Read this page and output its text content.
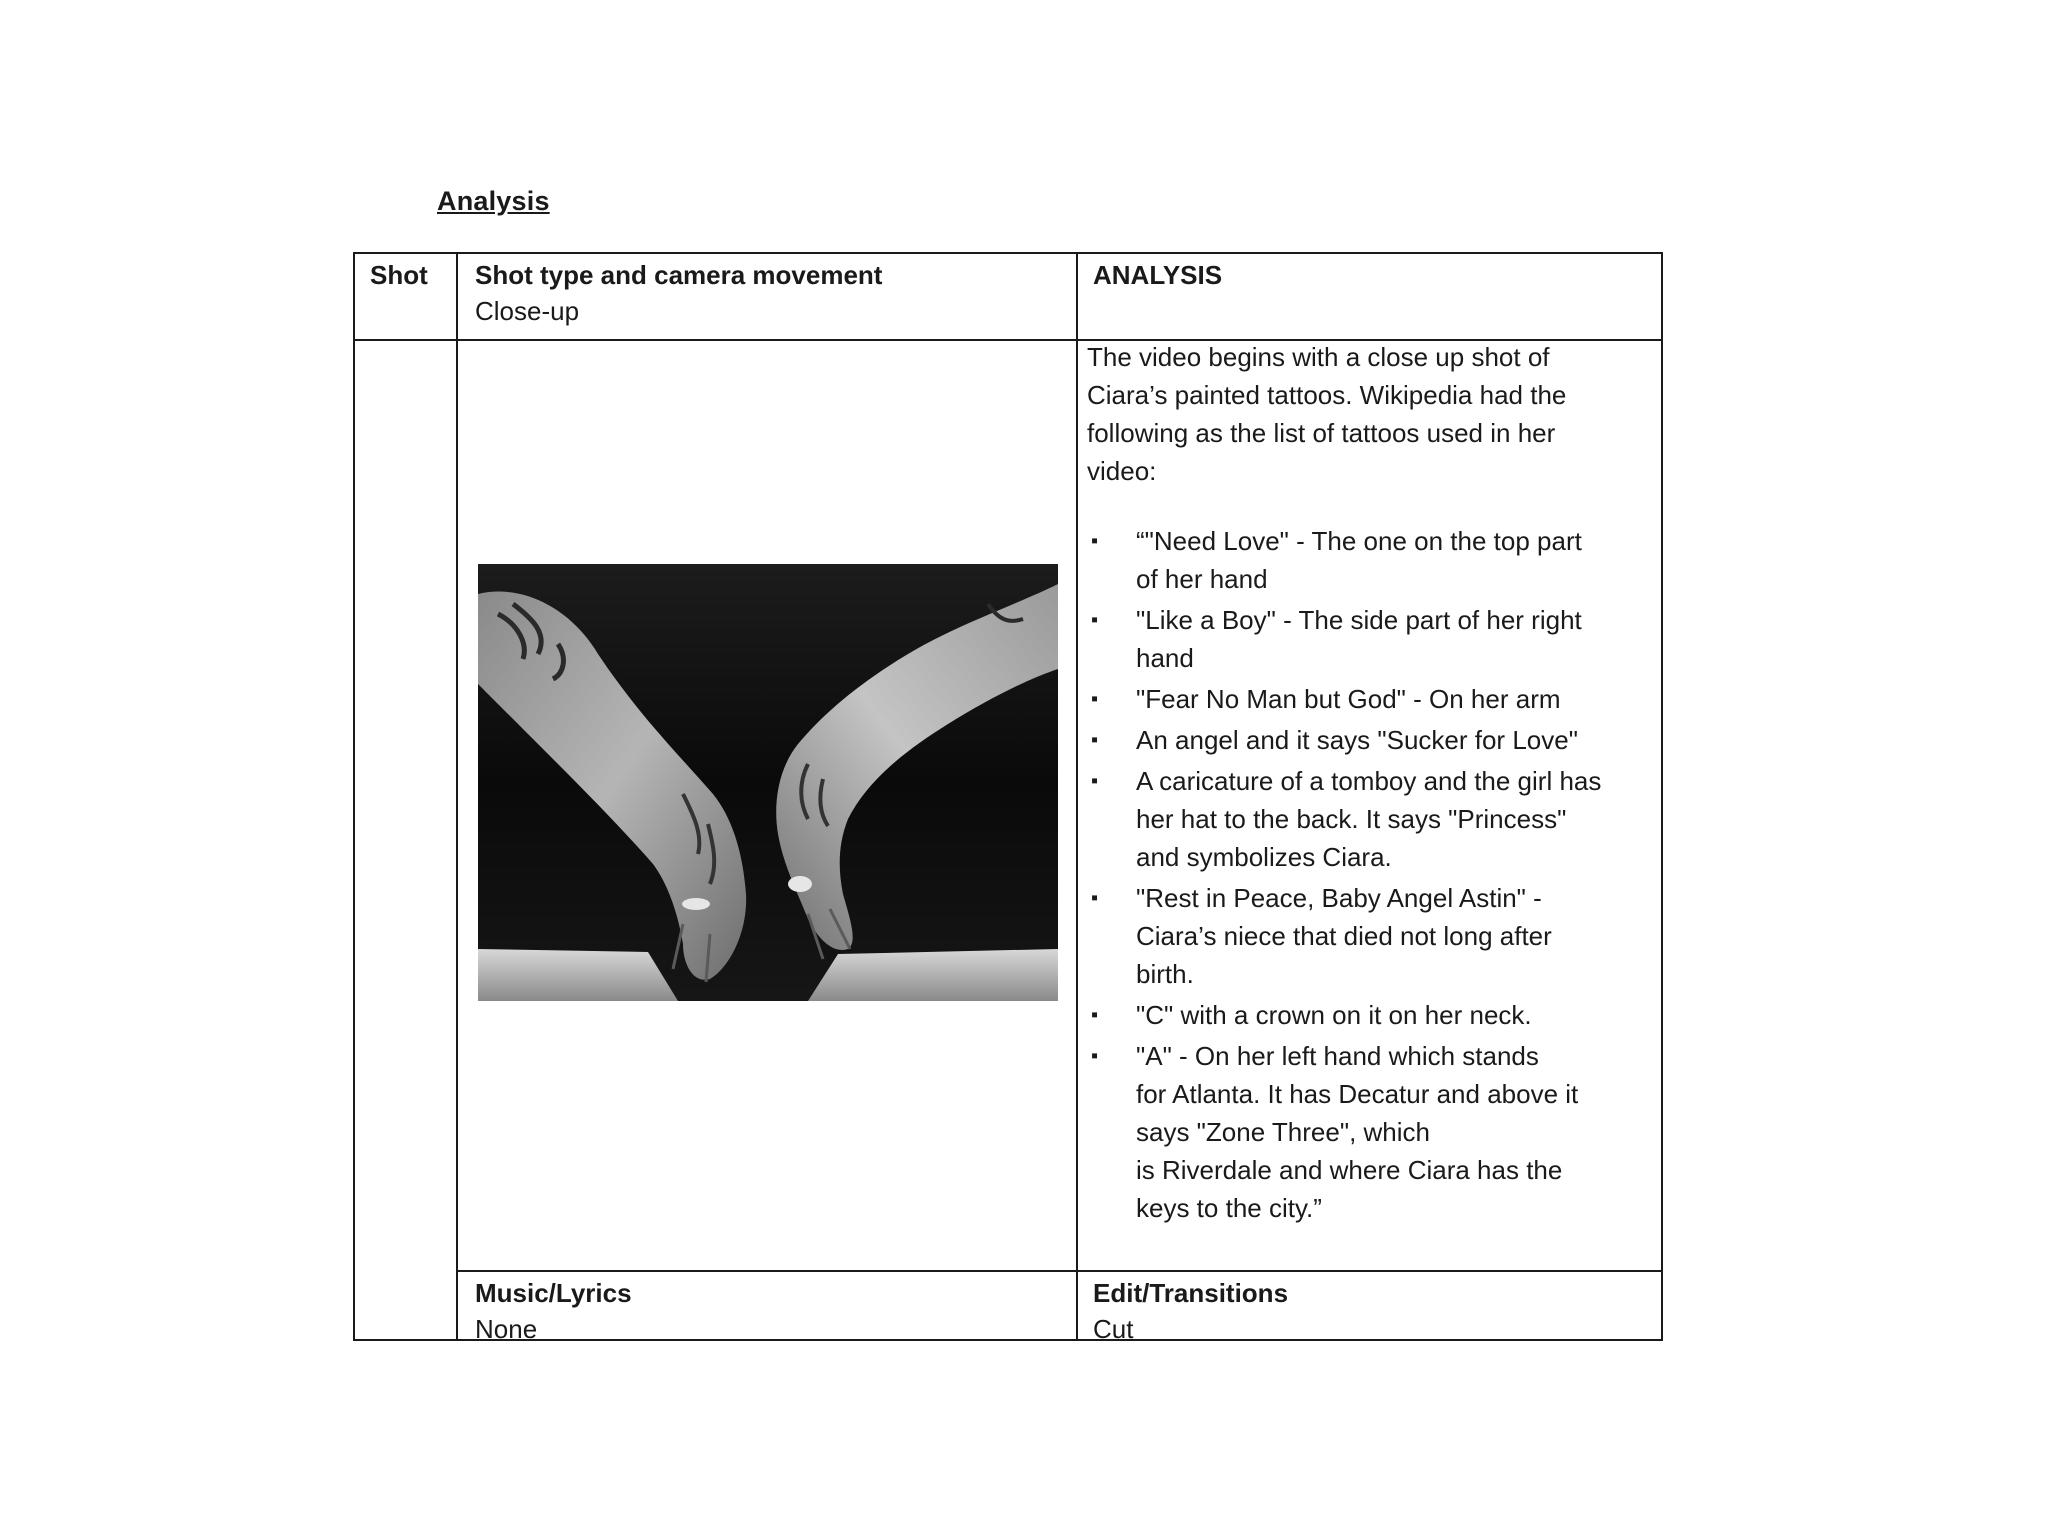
Analysis
Shot Shot type and camera movement
Close-up
ANALYSIS

The video begins with a close up shot of

Ciara’s painted tattoos. Wikipedia had the

following as the list of tattoos used in her

video:

▪ “"Need Love" - The one on the top part
of her hand
▪ "Like a Boy" - The side part of her right
hand
▪ "Fear No Man but God" - On her arm
▪ An angel and it says "Sucker for Love"
▪ A caricature of a tomboy and the girl has
her hat to the back. It says "Princess"
and symbolizes Ciara.
▪ "Rest in Peace, Baby Angel Astin" -
Ciara’s niece that died not long after
birth.
▪ "C" with a crown on it on her neck.
▪ "A" - On her left hand which stands
for Atlanta. It has Decatur and above it
says "Zone Three", which
is Riverdale and where Ciara has the
keys to the city.”
Music/Lyrics
None
Edit/Transitions
Cut
